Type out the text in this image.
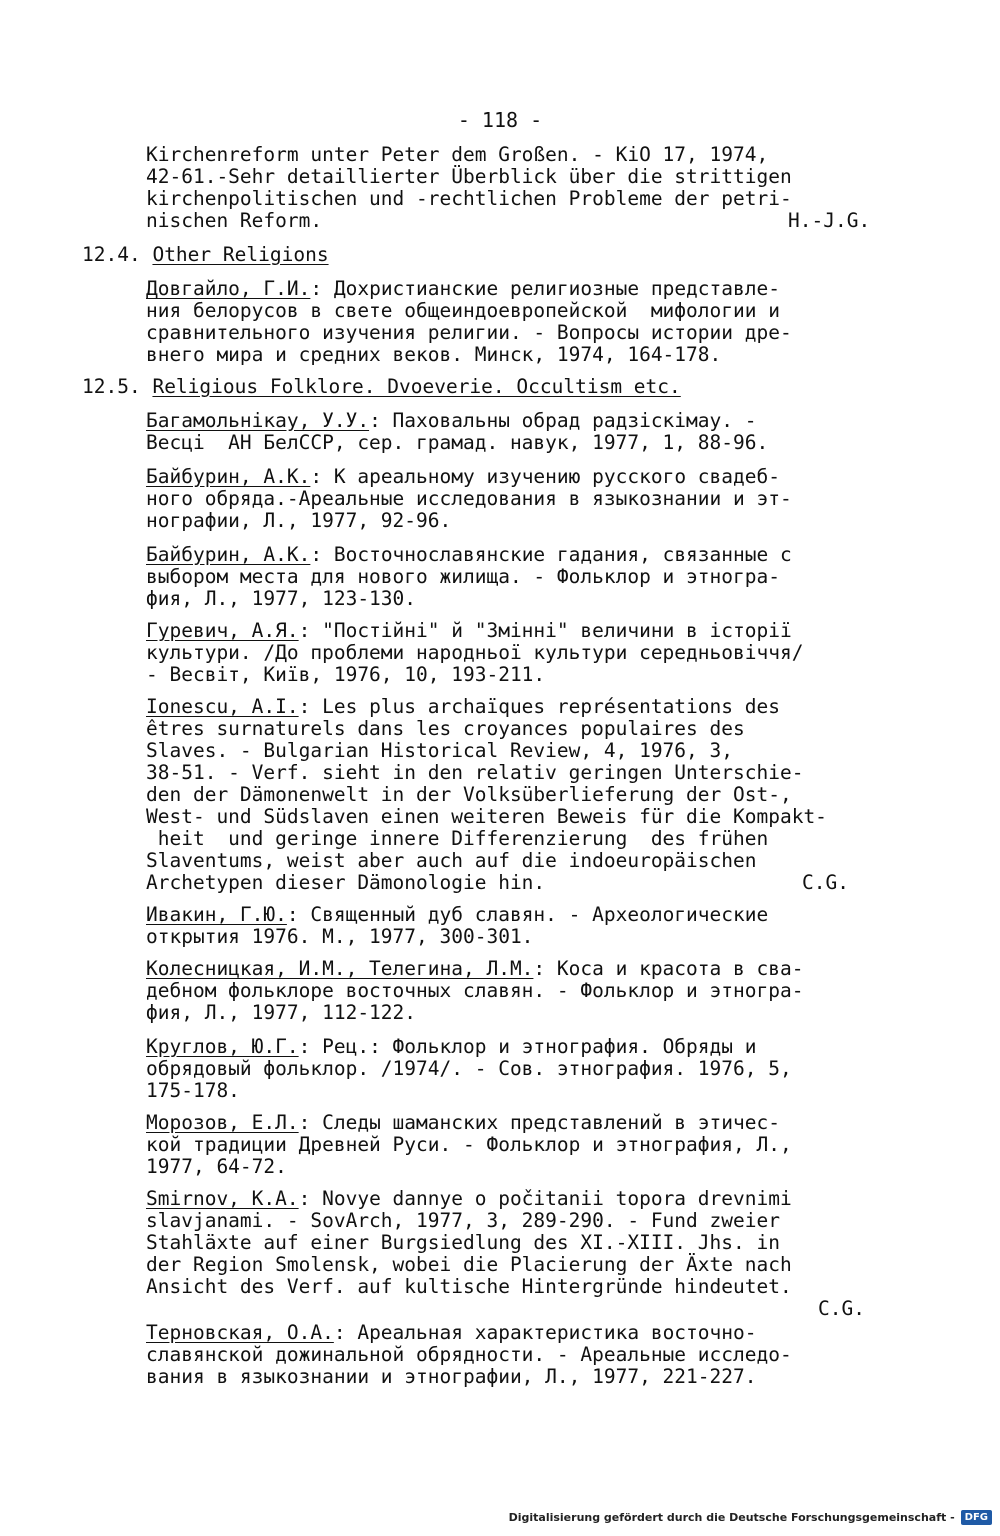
- 118 -
Kirchenreform unter Peter dem Großen. - KiO 17, 1974,
42-61.-Sehr detaillierter Überblick über die strittigen
kirchenpolitischen und -rechtlichen Probleme der petri-
nischen Reform.	H.-J.G.
12.4. Other Religions
Довгайло, Г.И.: Дохристианские религиозные представле-
ния белорусов в свете общеиндоевропейской  мифологии и
сравнительного изучения религии. - Вопросы истории дре-
внего мира и средних веков. Минск, 1974, 164-178.
12.5. Religious Folklore. Dvoeverie. Occultism etc.
Багамольнікау, У.У.: Паховальны обрад радзіскімау. -
Весці  АН БелССР, сер. грамад. навук, 1977, 1, 88-96.
Байбурин, А.К.: К ареальному изучению русского свадеб-
ного обряда.-Ареальные исследования в языкознании и эт-
нографии, Л., 1977, 92-96.
Байбурин, А.К.: Восточнославянские гадания, связанные с
выбором места для нового жилища. - Фольклор и этногра-
фия, Л., 1977, 123-130.
Гуревич, А.Я.: "Постійні" й "Змінні" величини в історії
культури. /До проблеми народньої культури середньовіччя/
- Весвіт, Київ, 1976, 10, 193-211.
Ionescu, A.I.: Les plus archaïques représentations des
êtres surnaturels dans les croyances populaires des
Slaves. - Bulgarian Historical Review, 4, 1976, 3,
38-51. - Verf. sieht in den relativ geringen Unterschie-
den der Dämonenwelt in der Volksüberlieferung der Ost-,
West- und Südslaven einen weiteren Beweis für die Kompakt-
heit  und geringe innere Differenzierung  des frühen
Slaventums, weist aber auch auf die indoeuropäischen
Archetypen dieser Dämonologie hin.	C.G.
Ивакин, Г.Ю.: Священный дуб славян. - Археологические
открытия 1976. М., 1977, 300-301.
Колесницкая, И.М., Телегина, Л.М.: Коса и красота в сва-
дебном фольклоре восточных славян. - Фольклор и этногра-
фия, Л., 1977, 112-122.
Круглов, Ю.Г.: Рец.: Фольклор и этнография. Обряды и
обрядовый фольклор. /1974/. - Сов. этнография. 1976, 5,
175-178.
Морозов, Е.Л.: Следы шаманских представлений в этичес-
кой традиции Древней Руси. - Фольклор и этнография, Л.,
1977, 64-72.
Smirnov, K.A.: Novye dannye o počitanii topora drevnimi
slavjanami. - SovArch, 1977, 3, 289-290. - Fund zweier
Stahläxte auf einer Burgsiedlung des XI.-XIII. Jhs. in
der Region Smolensk, wobei die Placierung der Äxte nach
Ansicht des Verf. auf kultische Hintergründe hindeutet.
C.G.
Терновская, О.А.: Ареальная характеристика восточно-
славянской дожинальной обрядности. - Ареальные исследо-
вания в языкознании и этнографии, Л., 1977, 221-227.
Digitalisierung gefördert durch die Deutsche Forschungsgemeinschaft -	DFG
